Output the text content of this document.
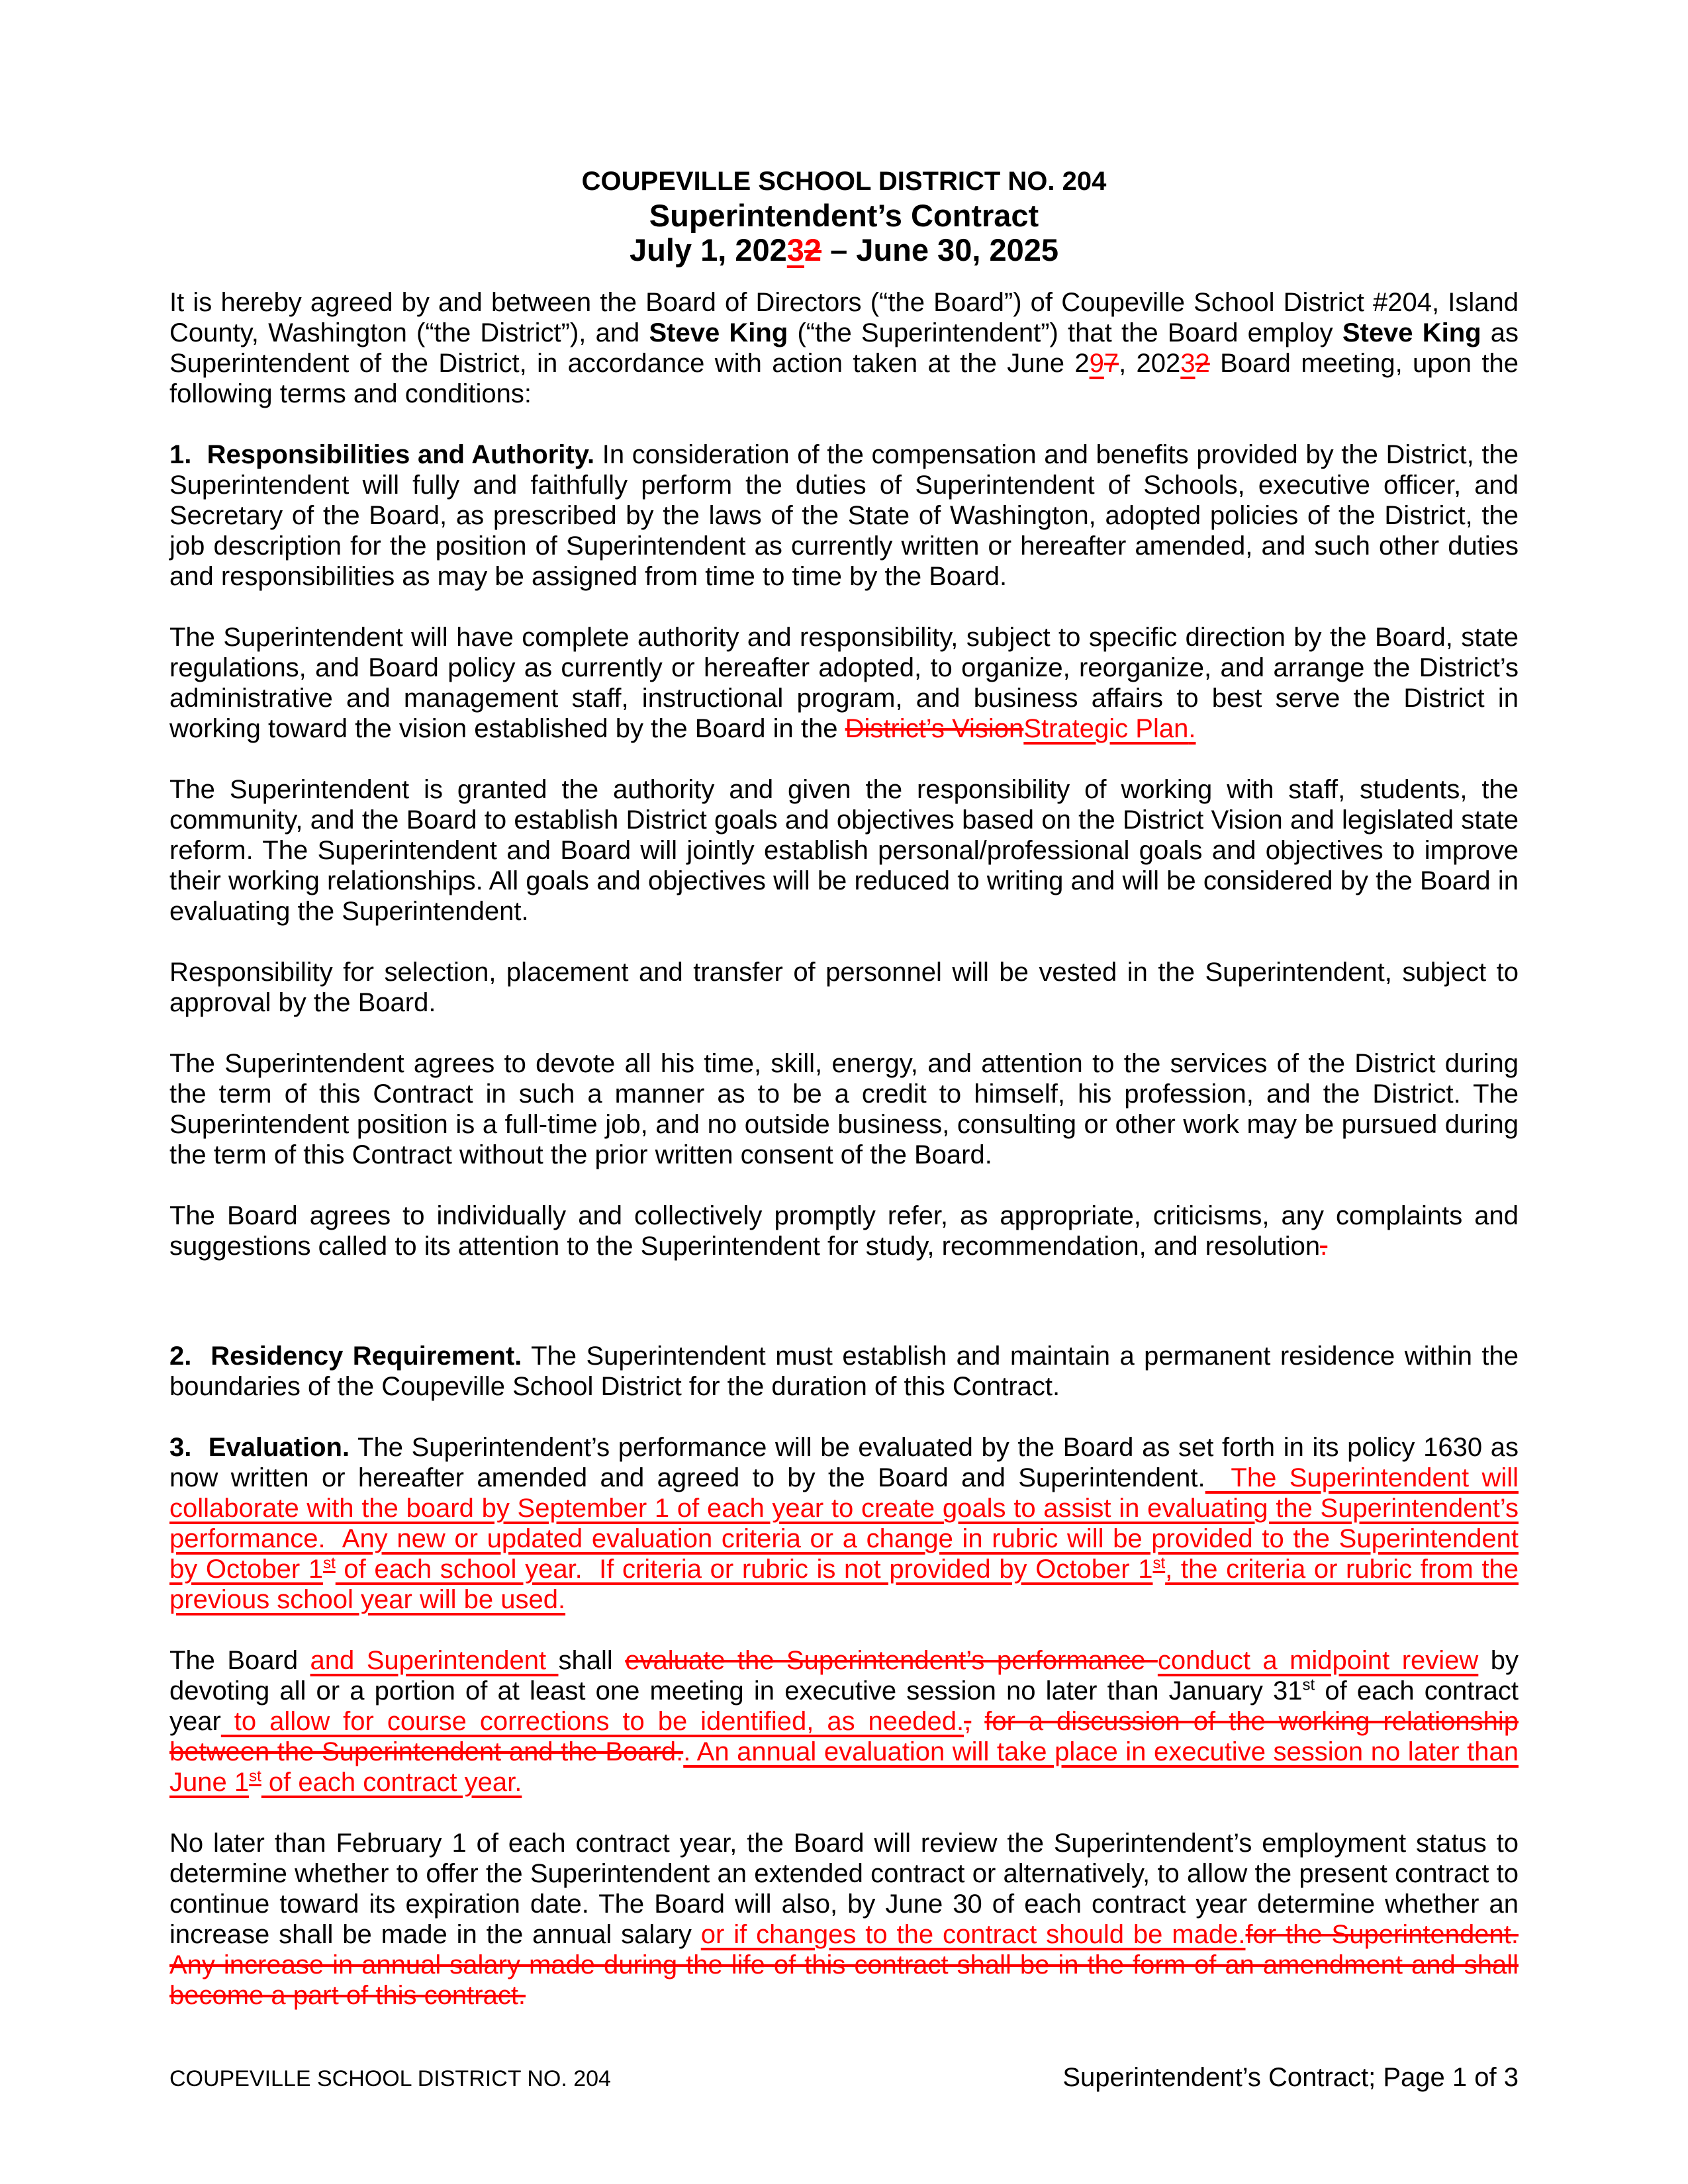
COUPEVILLE SCHOOL DISTRICT NO. 204
Superintendent’s Contract
July 1, 20232 – June 30, 2025

It is hereby agreed by and between the Board of Directors (“the Board”) of Coupeville School District #204, Island County, Washington (“the District”), and Steve King (“the Superintendent”) that the Board employ Steve King as Superintendent of the District, in accordance with action taken at the June 297, 20232 Board meeting, upon the following terms and conditions:

1.  Responsibilities and Authority. In consideration of the compensation and benefits provided by the District, the Superintendent will fully and faithfully perform the duties of Superintendent of Schools, executive officer, and Secretary of the Board, as prescribed by the laws of the State of Washington, adopted policies of the District, the job description for the position of Superintendent as currently written or hereafter amended, and such other duties and responsibilities as may be assigned from time to time by the Board.

The Superintendent will have complete authority and responsibility, subject to specific direction by the Board, state regulations, and Board policy as currently or hereafter adopted, to organize, reorganize, and arrange the District’s administrative and management staff, instructional program, and business affairs to best serve the District in working toward the vision established by the Board in the District’s VisionStrategic Plan.

The Superintendent is granted the authority and given the responsibility of working with staff, students, the community, and the Board to establish District goals and objectives based on the District Vision and legislated state reform. The Superintendent and Board will jointly establish personal/professional goals and objectives to improve their working relationships. All goals and objectives will be reduced to writing and will be considered by the Board in evaluating the Superintendent.

Responsibility for selection, placement and transfer of personnel will be vested in the Superintendent, subject to approval by the Board.

The Superintendent agrees to devote all his time, skill, energy, and attention to the services of the District during the term of this Contract in such a manner as to be a credit to himself, his profession, and the District. The Superintendent position is a full-time job, and no outside business, consulting or other work may be pursued during the term of this Contract without the prior written consent of the Board.

The Board agrees to individually and collectively promptly refer, as appropriate, criticisms, any complaints and suggestions called to its attention to the Superintendent for study, recommendation, and resolution.

2.  Residency Requirement. The Superintendent must establish and maintain a permanent residence within the boundaries of the Coupeville School District for the duration of this Contract.

3.  Evaluation. The Superintendent’s performance will be evaluated by the Board as set forth in its policy 1630 as now written or hereafter amended and agreed to by the Board and Superintendent.  The Superintendent will collaborate with the board by September 1 of each year to create goals to assist in evaluating the Superintendent’s performance.  Any new or updated evaluation criteria or a change in rubric will be provided to the Superintendent by October 1st of each school year.  If criteria or rubric is not provided by October 1st, the criteria or rubric from the previous school year will be used.

The Board and Superintendent shall evaluate the Superintendent’s performance conduct a midpoint review by devoting all or a portion of at least one meeting in executive session no later than January 31st of each contract year to allow for course corrections to be identified, as needed., for a discussion of the working relationship between the Superintendent and the Board.. An annual evaluation will take place in executive session no later than June 1st of each contract year.

No later than February 1 of each contract year, the Board will review the Superintendent’s employment status to determine whether to offer the Superintendent an extended contract or alternatively, to allow the present contract to continue toward its expiration date. The Board will also, by June 30 of each contract year determine whether an increase shall be made in the annual salary or if changes to the contract should be made.for the Superintendent. Any increase in annual salary made during the life of this contract shall be in the form of an amendment and shall become a part of this contract.

COUPEVILLE SCHOOL DISTRICT NO. 204	Superintendent’s Contract; Page 1 of 3
